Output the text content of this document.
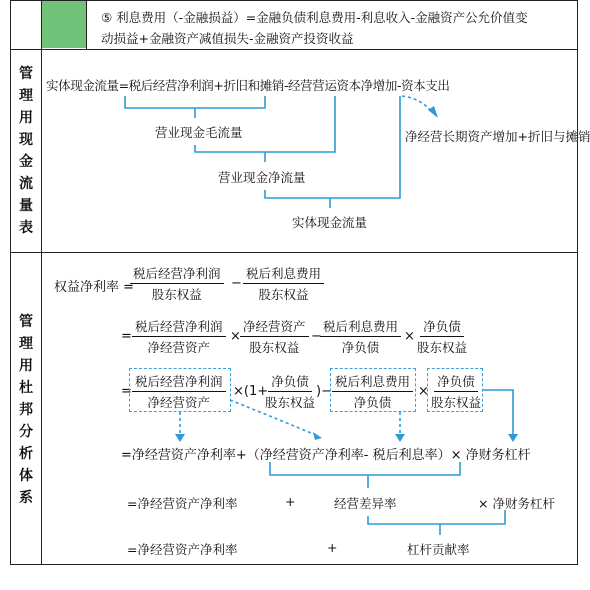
⑤ 利息费用（-金融损益）=金融负债利息费用-利息收入-金融资产公允价值变
动损益+金融资产减值损失-金融资产投资收益
管
理
用
现
金
流
量
表
管
理
用
杜
邦
分
析
体
系
实体现金流量=税后经营净利润+折旧和摊销-经营营运资本净增加-资本支出
营业现金毛流量
营业现金净流量
实体现金流量
净经营长期资产增加+折旧与摊销
权益净利率 =
税后经营净利润
股东权益
−
税后利息费用
股东权益
=
税后经营净利润
净经营资产
×
净经营资产
股东权益
−
税后利息费用
净负债
×
净负债
股东权益
=
税后经营净利润
净经营资产
×(1+
净负债
股东权益
)−
税后利息费用
净负债
×
净负债
股东权益
=净经营资产净利率+（净经营资产净利率- 税后利息率）× 净财务杠杆
=净经营资产净利率	+	经营差异率	× 净财务杠杆
=净经营资产净利率	+	杠杆贡献率
